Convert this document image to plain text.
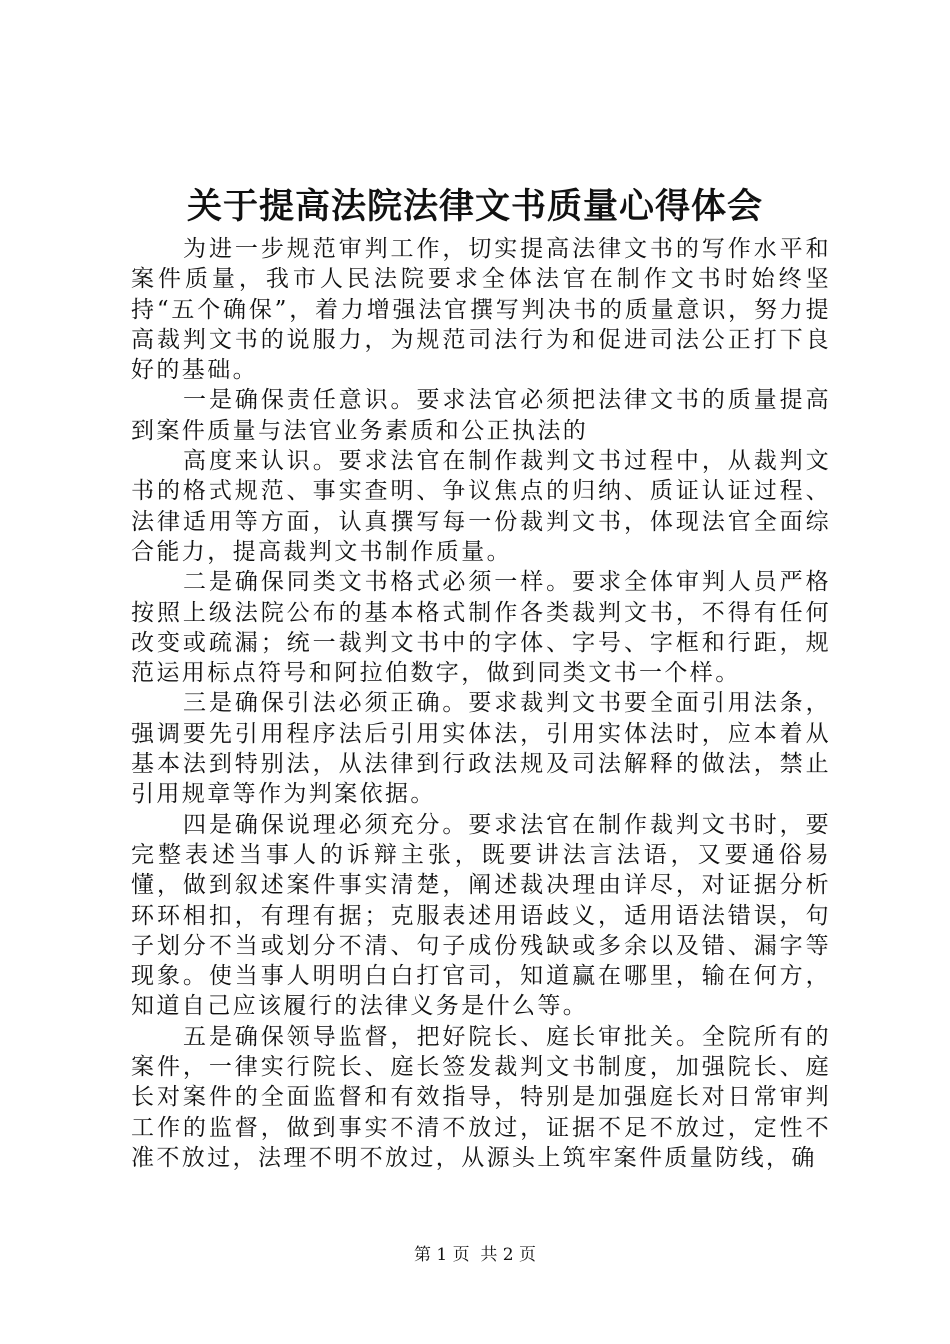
关于提高法院法律文书质量心得体会

为进一步规范审判工作，切实提高法律文书的写作水平和案件质量，我市人民法院要求全体法官在制作文书时始终坚持“五个确保”，着力增强法官撰写判决书的质量意识，努力提高裁判文书的说服力，为规范司法行为和促进司法公正打下良好的基础。

一是确保责任意识。要求法官必须把法律文书的质量提高到案件质量与法官业务素质和公正执法的

高度来认识。要求法官在制作裁判文书过程中，从裁判文书的格式规范、事实查明、争议焦点的归纳、质证认证过程、法律适用等方面，认真撰写每一份裁判文书，体现法官全面综合能力，提高裁判文书制作质量。

二是确保同类文书格式必须一样。要求全体审判人员严格按照上级法院公布的基本格式制作各类裁判文书，不得有任何改变或疏漏；统一裁判文书中的字体、字号、字框和行距，规范运用标点符号和阿拉伯数字，做到同类文书一个样。

三是确保引法必须正确。要求裁判文书要全面引用法条，强调要先引用程序法后引用实体法，引用实体法时，应本着从基本法到特别法，从法律到行政法规及司法解释的做法，禁止引用规章等作为判案依据。

四是确保说理必须充分。要求法官在制作裁判文书时，要完整表述当事人的诉辩主张，既要讲法言法语，又要通俗易懂，做到叙述案件事实清楚，阐述裁决理由详尽，对证据分析环环相扣，有理有据；克服表述用语歧义，适用语法错误，句子划分不当或划分不清、句子成份残缺或多余以及错、漏字等现象。使当事人明明白白打官司，知道赢在哪里，输在何方，知道自己应该履行的法律义务是什么等。

五是确保领导监督，把好院长、庭长审批关。全院所有的案件，一律实行院长、庭长签发裁判文书制度，加强院长、庭长对案件的全面监督和有效指导，特别是加强庭长对日常审判工作的监督，做到事实不清不放过，证据不足不放过，定性不准不放过，法理不明不放过，从源头上筑牢案件质量防线，确

第 1 页  共 2 页
